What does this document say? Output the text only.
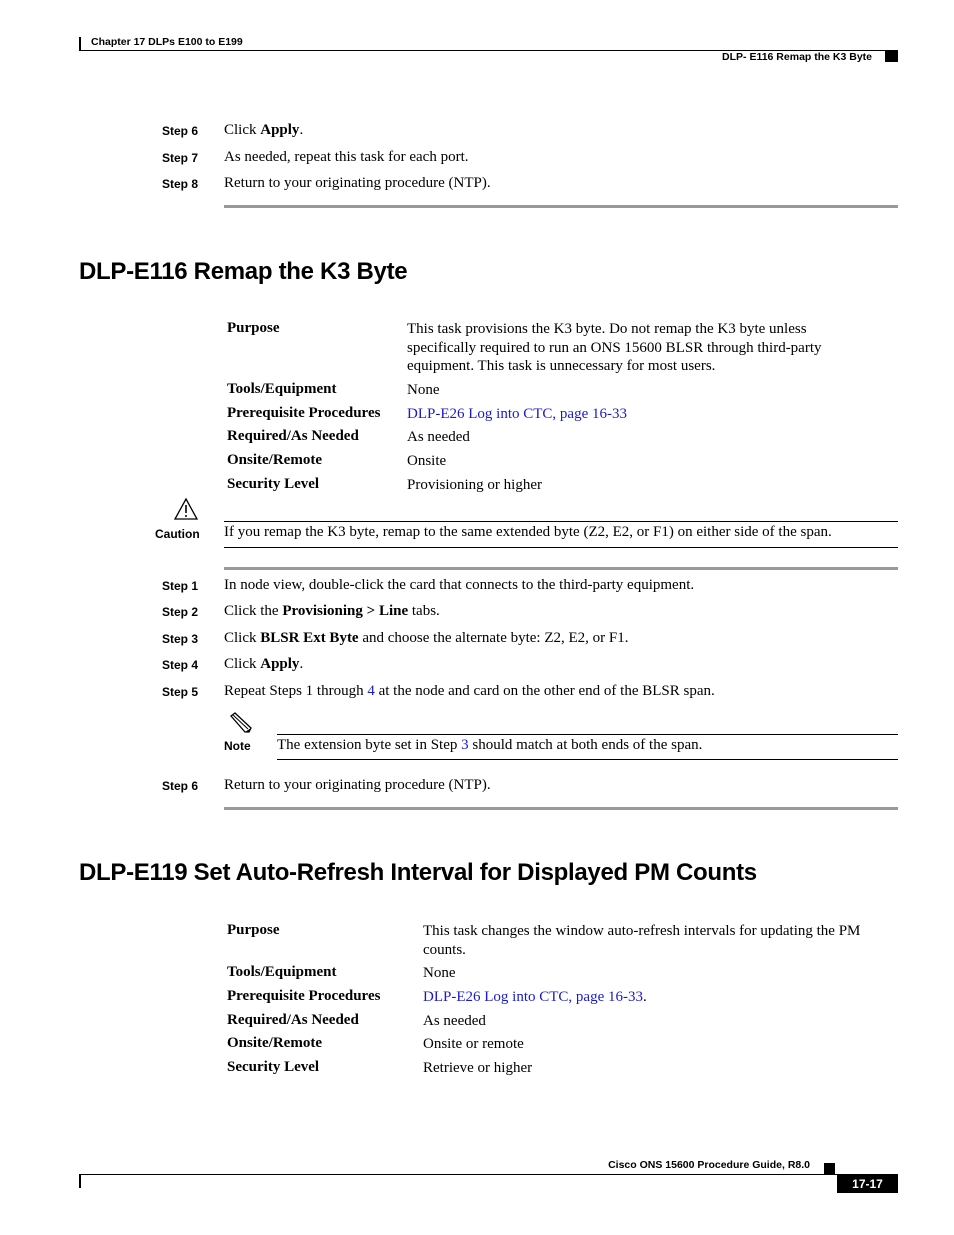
Chapter 17 DLPs E100 to E199
DLP- E116 Remap the K3 Byte
Step 6 Click Apply.
Step 7 As needed, repeat this task for each port.
Step 8 Return to your originating procedure (NTP).
DLP-E116 Remap the K3 Byte
Purpose	This task provisions the K3 byte. Do not remap the K3 byte unless specifically required to run an ONS 15600 BLSR through third-party equipment. This task is unnecessary for most users.
Tools/Equipment	None
Prerequisite Procedures DLP-E26 Log into CTC, page 16-33
Required/As Needed	As needed
Onsite/Remote	Onsite
Security Level	Provisioning or higher
Caution If you remap the K3 byte, remap to the same extended byte (Z2, E2, or F1) on either side of the span.
Step 1 In node view, double-click the card that connects to the third-party equipment.
Step 2 Click the Provisioning > Line tabs.
Step 3 Click BLSR Ext Byte and choose the alternate byte: Z2, E2, or F1.
Step 4 Click Apply.
Step 5 Repeat Steps 1 through 4 at the node and card on the other end of the BLSR span.
Note The extension byte set in Step 3 should match at both ends of the span.
Step 6 Return to your originating procedure (NTP).
DLP-E119 Set Auto-Refresh Interval for Displayed PM Counts
Purpose	This task changes the window auto-refresh intervals for updating the PM counts.
Tools/Equipment	None
Prerequisite Procedures	DLP-E26 Log into CTC, page 16-33.
Required/As Needed	As needed
Onsite/Remote	Onsite or remote
Security Level	Retrieve or higher
Cisco ONS 15600 Procedure Guide, R8.0
17-17
